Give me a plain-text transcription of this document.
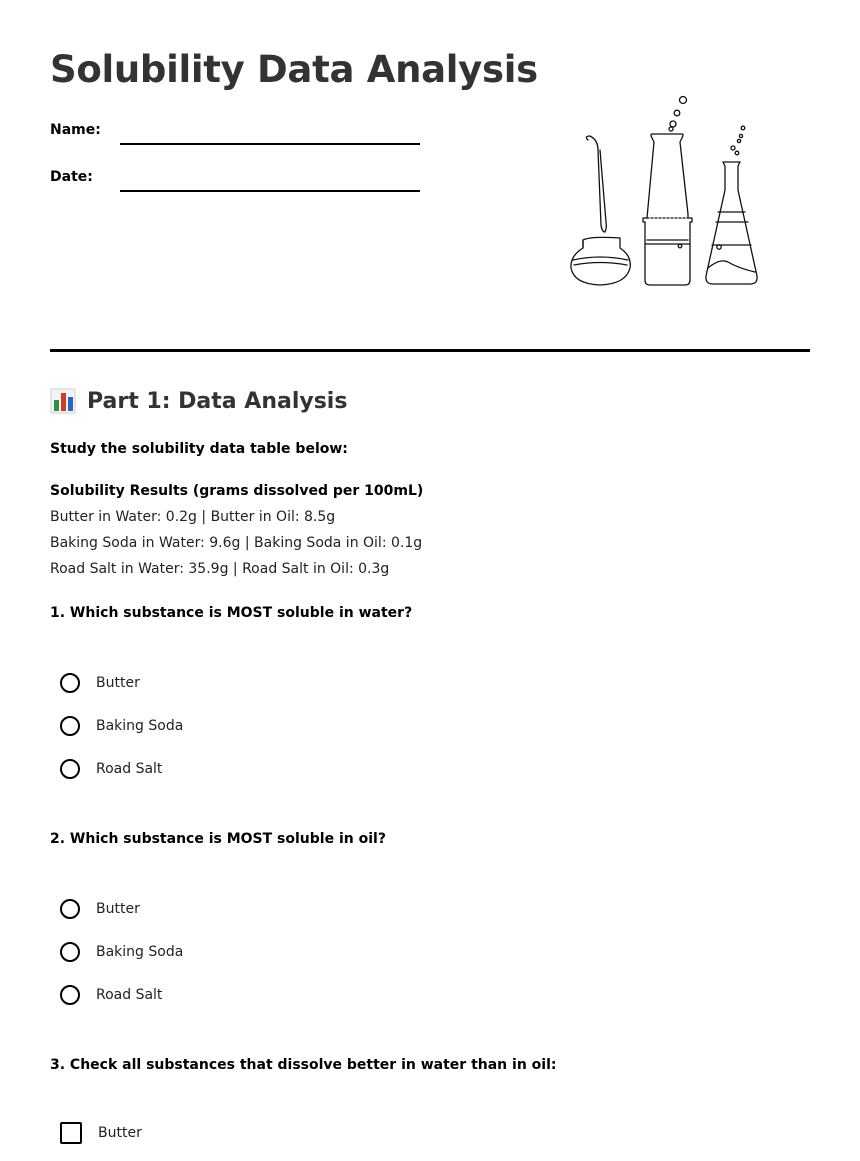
Solubility Data Analysis
Name:
Date:
Part 1: Data Analysis
Study the solubility data table below:
Solubility Results (grams dissolved per 100mL)
Butter in Water: 0.2g | Butter in Oil: 8.5g
Baking Soda in Water: 9.6g | Baking Soda in Oil: 0.1g
Road Salt in Water: 35.9g | Road Salt in Oil: 0.3g
1. Which substance is MOST soluble in water?
Butter
Baking Soda
Road Salt
2. Which substance is MOST soluble in oil?
Butter
Baking Soda
Road Salt
3. Check all substances that dissolve better in water than in oil:
Butter
